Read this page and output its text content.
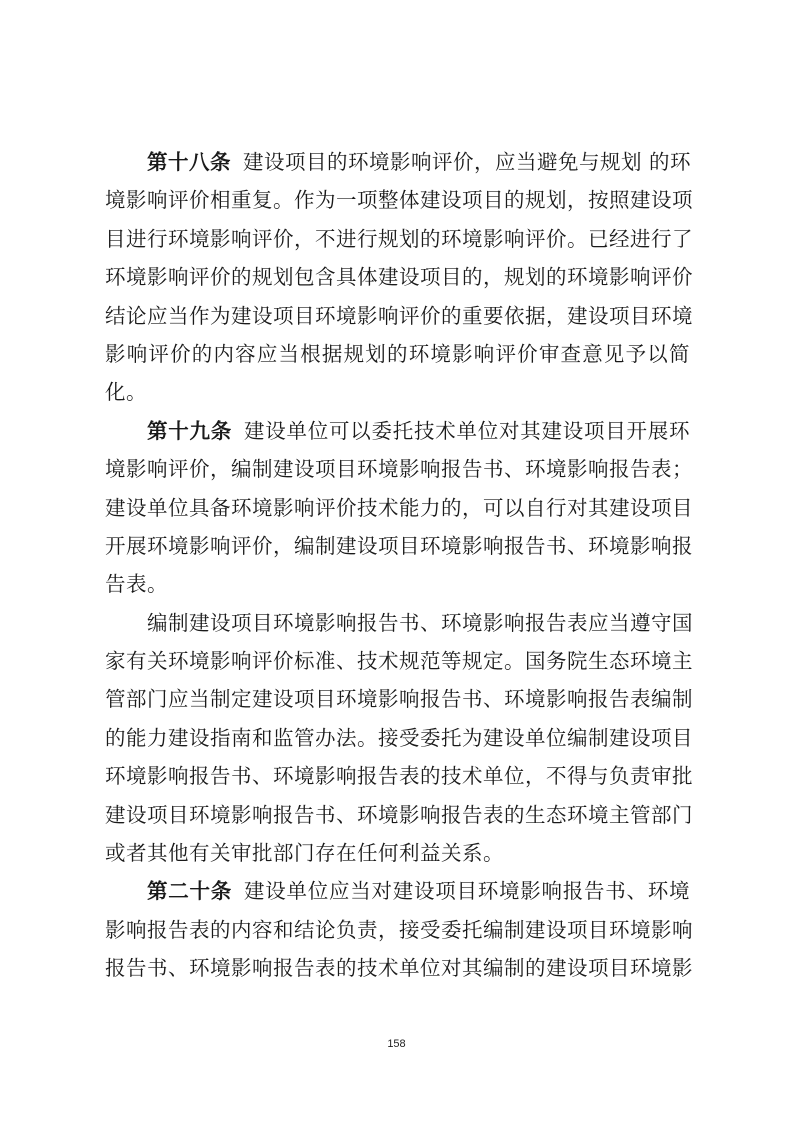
第十八条 建设项目的环境影响评价，应当避免与规划 的环
境影响评价相重复。作为一项整体建设项目的规划，按照建设项
目进行环境影响评价，不进行规划的环境影响评价。已经进行了
环境影响评价的规划包含具体建设项目的，规划的环境影响评价
结论应当作为建设项目环境影响评价的重要依据，建设项目环境
影响评价的内容应当根据规划的环境影响评价审查意见予以简
化。
第十九条 建设单位可以委托技术单位对其建设项目开展环
境影响评价，编制建设项目环境影响报告书、环境影响报告表；
建设单位具备环境影响评价技术能力的，可以自行对其建设项目
开展环境影响评价，编制建设项目环境影响报告书、环境影响报
告表。
编制建设项目环境影响报告书、环境影响报告表应当遵守国
家有关环境影响评价标准、技术规范等规定。国务院生态环境主
管部门应当制定建设项目环境影响报告书、环境影响报告表编制
的能力建设指南和监管办法。接受委托为建设单位编制建设项目
环境影响报告书、环境影响报告表的技术单位，不得与负责审批
建设项目环境影响报告书、环境影响报告表的生态环境主管部门
或者其他有关审批部门存在任何利益关系。
第二十条 建设单位应当对建设项目环境影响报告书、环境
影响报告表的内容和结论负责，接受委托编制建设项目环境影响
报告书、环境影响报告表的技术单位对其编制的建设项目环境影
158
